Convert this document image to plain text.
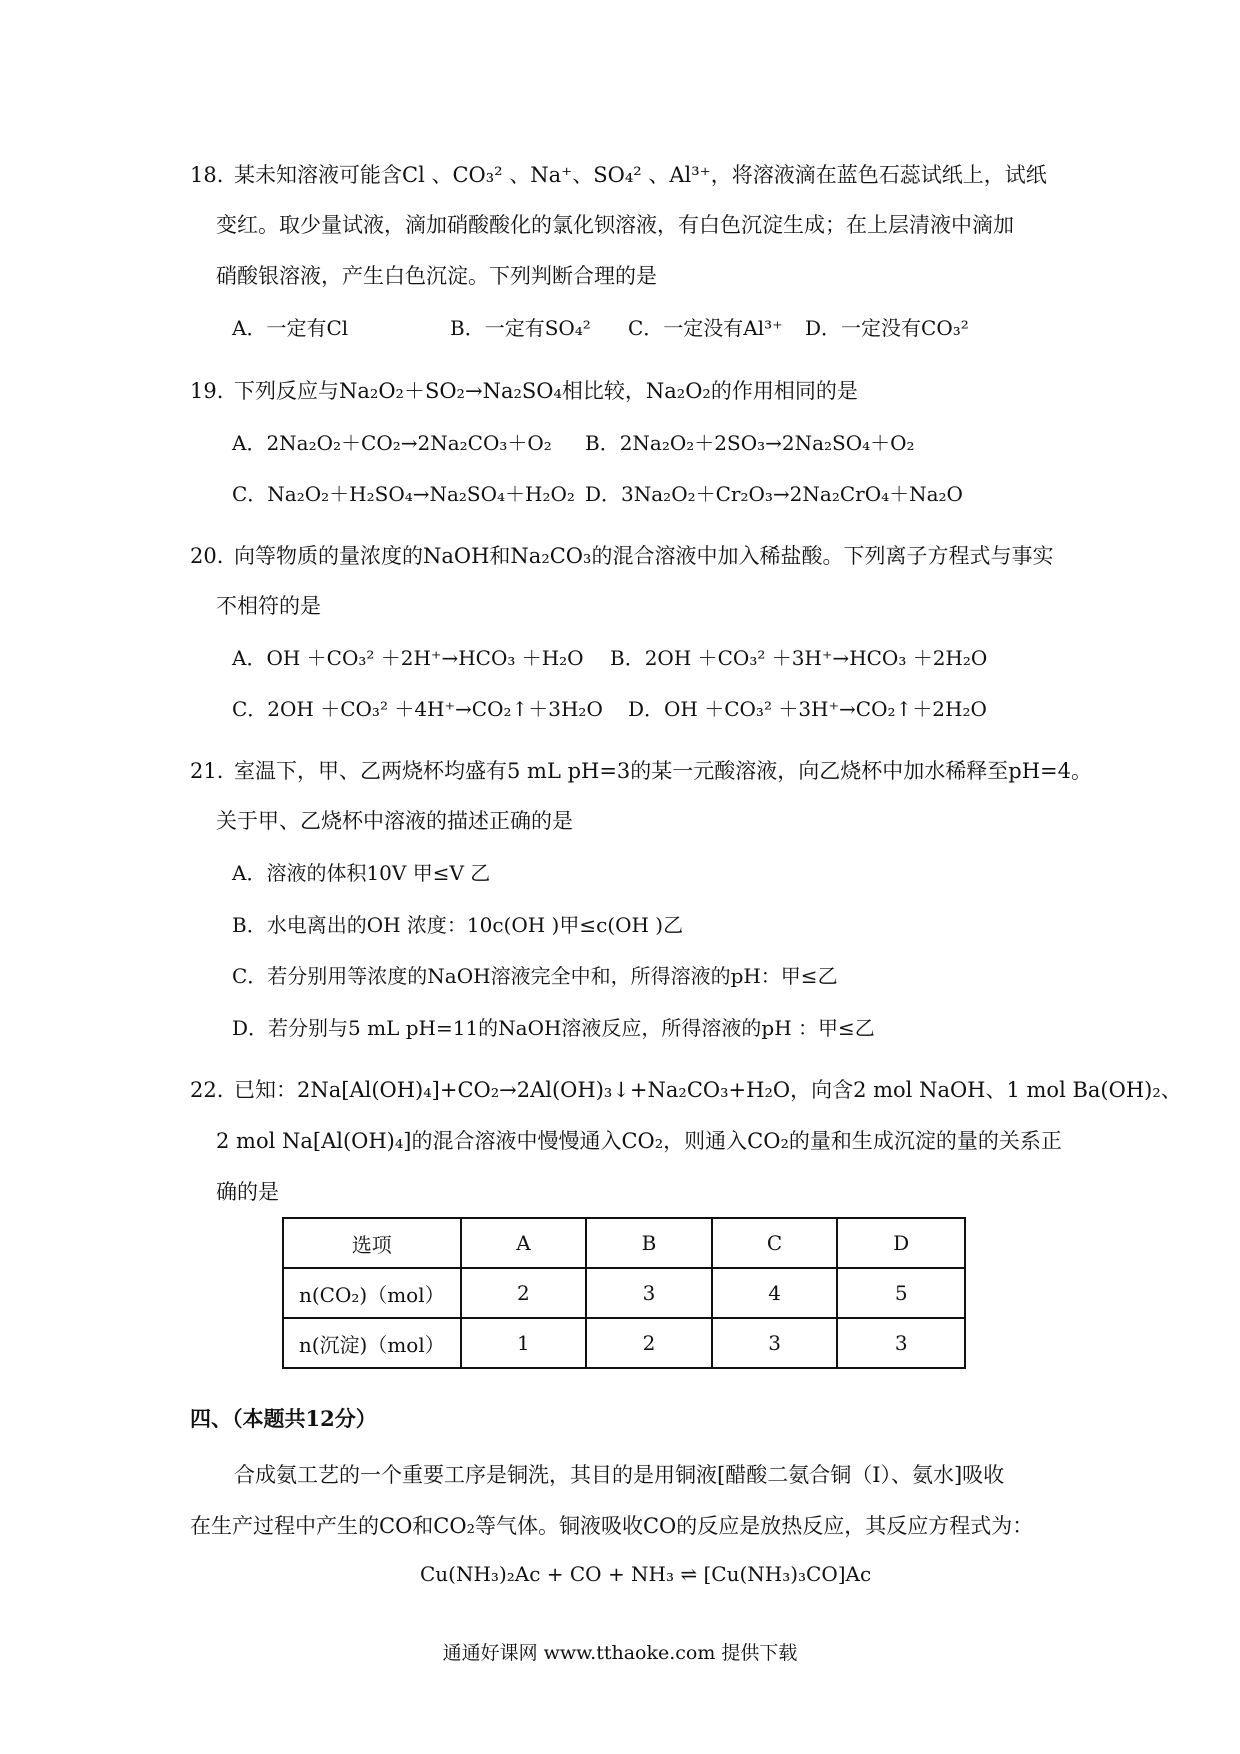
18. 某未知溶液可能含Cl 、CO₃² 、Na⁺、SO₄² 、Al³⁺，将溶液滴在蓝色石蕊试纸上，试纸
变红。取少量试液，滴加硝酸酸化的氯化钡溶液，有白色沉淀生成；在上层清液中滴加
硝酸银溶液，产生白色沉淀。下列判断合理的是
A．一定有Cl	B．一定有SO₄² C．一定没有Al³⁺ D．一定没有CO₃²
19. 下列反应与Na₂O₂＋SO₂→Na₂SO₄相比较，Na₂O₂的作用相同的是
A．2Na₂O₂＋CO₂→2Na₂CO₃＋O₂ B．2Na₂O₂＋2SO₃→2Na₂SO₄＋O₂
C．Na₂O₂＋H₂SO₄→Na₂SO₄＋H₂O₂ D．3Na₂O₂＋Cr₂O₃→2Na₂CrO₄＋Na₂O
20. 向等物质的量浓度的NaOH和Na₂CO₃的混合溶液中加入稀盐酸。下列离子方程式与事实
不相符的是
A．OH ＋CO₃² ＋2H⁺→HCO₃ ＋H₂O B．2OH ＋CO₃² ＋3H⁺→HCO₃ ＋2H₂O
C．2OH ＋CO₃² ＋4H⁺→CO₂↑＋3H₂O D．OH ＋CO₃² ＋3H⁺→CO₂↑＋2H₂O
21. 室温下，甲、乙两烧杯均盛有5 mL pH=3的某一元酸溶液，向乙烧杯中加水稀释至pH=4。
关于甲、乙烧杯中溶液的描述正确的是
A．溶液的体积10V 甲≤V 乙
B．水电离出的OH 浓度：10c(OH )甲≤c(OH )乙
C．若分别用等浓度的NaOH溶液完全中和，所得溶液的pH：甲≤乙
D．若分别与5 mL pH=11的NaOH溶液反应，所得溶液的pH ：甲≤乙
22. 已知：2Na[Al(OH)₄]+CO₂→2Al(OH)₃↓+Na₂CO₃+H₂O，向含2 mol NaOH、1 mol Ba(OH)₂、
2 mol Na[Al(OH)₄]的混合溶液中慢慢通入CO₂，则通入CO₂的量和生成沉淀的量的关系正
确的是
选项	A	B	C	D
n(CO₂)（mol）	2	3	4	5
n(沉淀)（mol）	1	2	3	3
四、（本题共12分）
合成氨工艺的一个重要工序是铜洗，其目的是用铜液[醋酸二氨合铜（Ⅰ）、氨水]吸收
在生产过程中产生的CO和CO₂等气体。铜液吸收CO的反应是放热反应，其反应方程式为：
Cu(NH₃)₂Ac + CO + NH₃ ⇌ [Cu(NH₃)₃CO]Ac
通通好课网 www.tthaoke.com 提供下载
